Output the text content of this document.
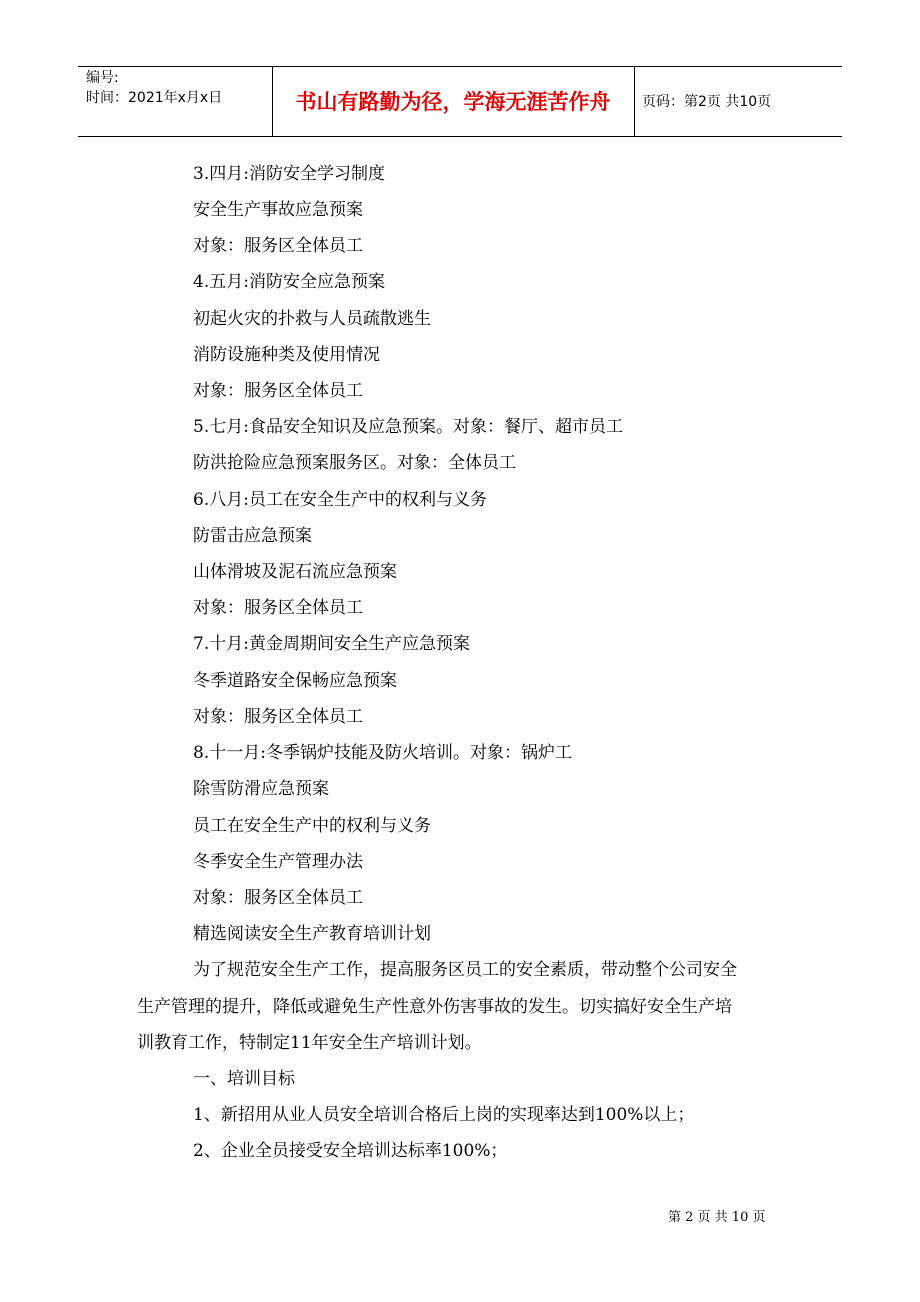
编号:
时间：2021年x月x日	书山有路勤为径，学海无涯苦作舟	页码：第2页 共10页
3.四月:消防安全学习制度
安全生产事故应急预案
对象：服务区全体员工
4.五月:消防安全应急预案
初起火灾的扑救与人员疏散逃生
消防设施种类及使用情况
对象：服务区全体员工
5.七月:食品安全知识及应急预案。对象：餐厅、超市员工
防洪抢险应急预案服务区。对象：全体员工
6.八月:员工在安全生产中的权利与义务
防雷击应急预案
山体滑坡及泥石流应急预案
对象：服务区全体员工
7.十月:黄金周期间安全生产应急预案
冬季道路安全保畅应急预案
对象：服务区全体员工
8.十一月:冬季锅炉技能及防火培训。对象：锅炉工
除雪防滑应急预案
员工在安全生产中的权利与义务
冬季安全生产管理办法
对象：服务区全体员工
精选阅读安全生产教育培训计划
为了规范安全生产工作，提高服务区员工的安全素质，带动整个公司安全
生产管理的提升，降低或避免生产性意外伤害事故的发生。切实搞好安全生产培
训教育工作，特制定11年安全生产培训计划。
一、培训目标
1、新招用从业人员安全培训合格后上岗的实现率达到100%以上；
2、企业全员接受安全培训达标率100%；
第 2 页 共 10 页
